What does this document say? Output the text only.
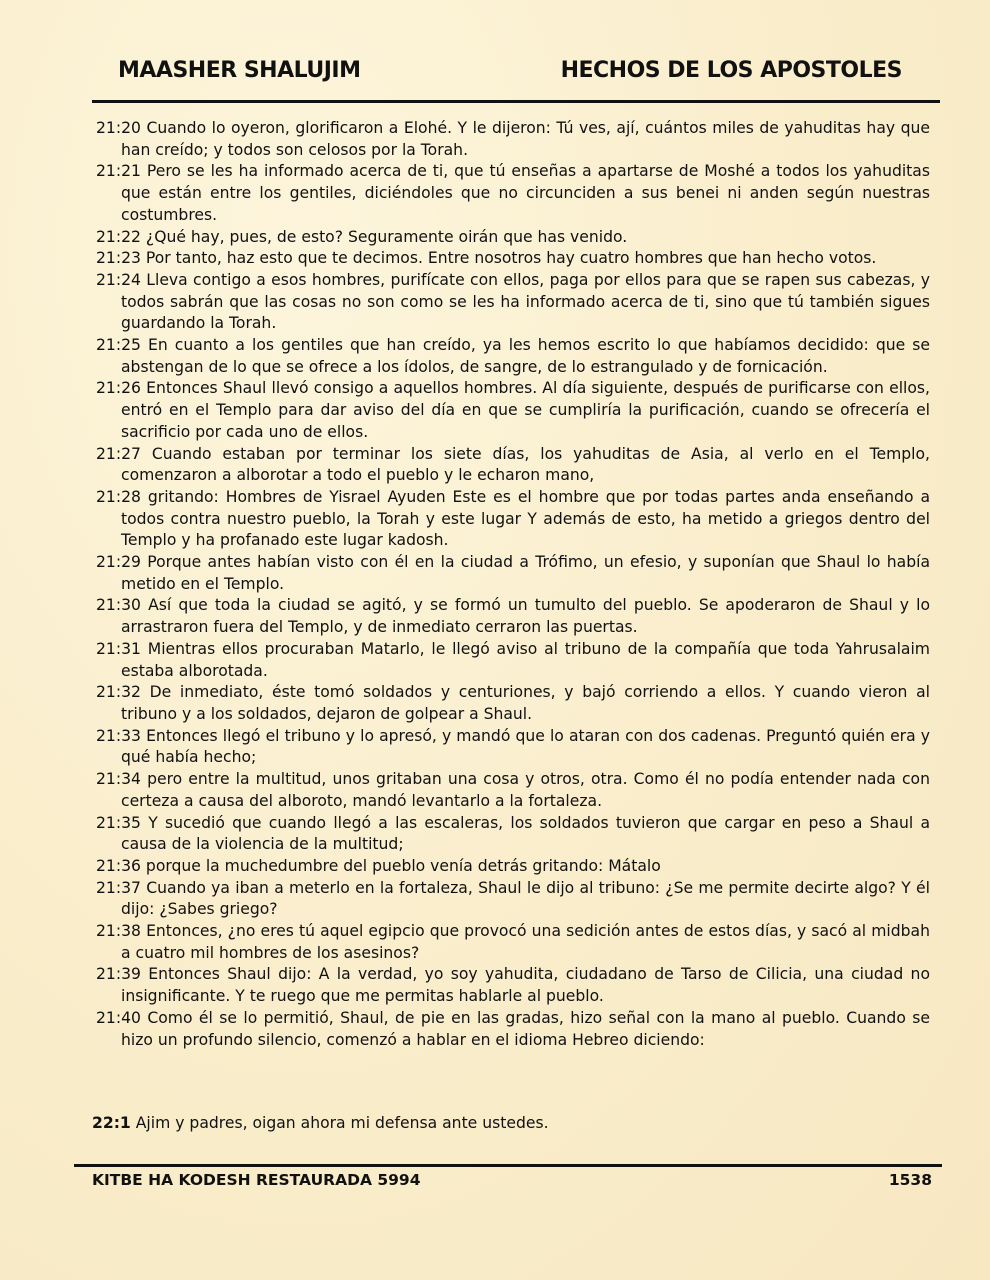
MAASHER SHALUJIM	HECHOS DE LOS APOSTOLES

21:20 Cuando lo oyeron, glorificaron a Elohé. Y le dijeron: Tú ves, ají, cuántos miles de yahuditas hay que han creído; y todos son celosos por la Torah.

21:21 Pero se les ha informado acerca de ti, que tú enseñas a apartarse de Moshé a todos los yahuditas que están entre los gentiles, diciéndoles que no circunciden a sus benei ni anden según nuestras costumbres.

21:22 ¿Qué hay, pues, de esto? Seguramente oirán que has venido.

21:23 Por tanto, haz esto que te decimos. Entre nosotros hay cuatro hombres que han hecho votos.

21:24 Lleva contigo a esos hombres, purifícate con ellos, paga por ellos para que se rapen sus cabezas, y todos sabrán que las cosas no son como se les ha informado acerca de ti, sino que tú también sigues guardando la Torah.

21:25 En cuanto a los gentiles que han creído, ya les hemos escrito lo que habíamos decidido: que se abstengan de lo que se ofrece a los ídolos, de sangre, de lo estrangulado y de fornicación.

21:26 Entonces Shaul llevó consigo a aquellos hombres. Al día siguiente, después de purificarse con ellos, entró en el Templo para dar aviso del día en que se cumpliría la purificación, cuando se ofrecería el sacrificio por cada uno de ellos.

21:27 Cuando estaban por terminar los siete días, los yahuditas de Asia, al verlo en el Templo, comenzaron a alborotar a todo el pueblo y le echaron mano,

21:28 gritando: Hombres de Yisrael Ayuden Este es el hombre que por todas partes anda enseñando a todos contra nuestro pueblo, la Torah y este lugar Y además de esto, ha metido a griegos dentro del Templo y ha profanado este lugar kadosh.

21:29 Porque antes habían visto con él en la ciudad a Trófimo, un efesio, y suponían que Shaul lo había metido en el Templo.

21:30 Así que toda la ciudad se agitó, y se formó un tumulto del pueblo. Se apoderaron de Shaul y lo arrastraron fuera del Templo, y de inmediato cerraron las puertas.

21:31 Mientras ellos procuraban Matarlo, le llegó aviso al tribuno de la compañía que toda Yahrusalaim estaba alborotada.

21:32 De inmediato, éste tomó soldados y centuriones, y bajó corriendo a ellos. Y cuando vieron al tribuno y a los soldados, dejaron de golpear a Shaul.

21:33 Entonces llegó el tribuno y lo apresó, y mandó que lo ataran con dos cadenas. Preguntó quién era y qué había hecho;

21:34 pero entre la multitud, unos gritaban una cosa y otros, otra. Como él no podía entender nada con certeza a causa del alboroto, mandó levantarlo a la fortaleza.

21:35 Y sucedió que cuando llegó a las escaleras, los soldados tuvieron que cargar en peso a Shaul a causa de la violencia de la multitud;

21:36 porque la muchedumbre del pueblo venía detrás gritando: Mátalo

21:37 Cuando ya iban a meterlo en la fortaleza, Shaul le dijo al tribuno: ¿Se me permite decirte algo? Y él dijo: ¿Sabes griego?

21:38 Entonces, ¿no eres tú aquel egipcio que provocó una sedición antes de estos días, y sacó al midbah a cuatro mil hombres de los asesinos?

21:39 Entonces Shaul dijo: A la verdad, yo soy yahudita, ciudadano de Tarso de Cilicia, una ciudad no insignificante. Y te ruego que me permitas hablarle al pueblo.

21:40 Como él se lo permitió, Shaul, de pie en las gradas, hizo señal con la mano al pueblo. Cuando se hizo un profundo silencio, comenzó a hablar en el idioma Hebreo diciendo:

22:1 Ajim y padres, oigan ahora mi defensa ante ustedes.
KITBE HA KODESH RESTAURADA 5994	1538
